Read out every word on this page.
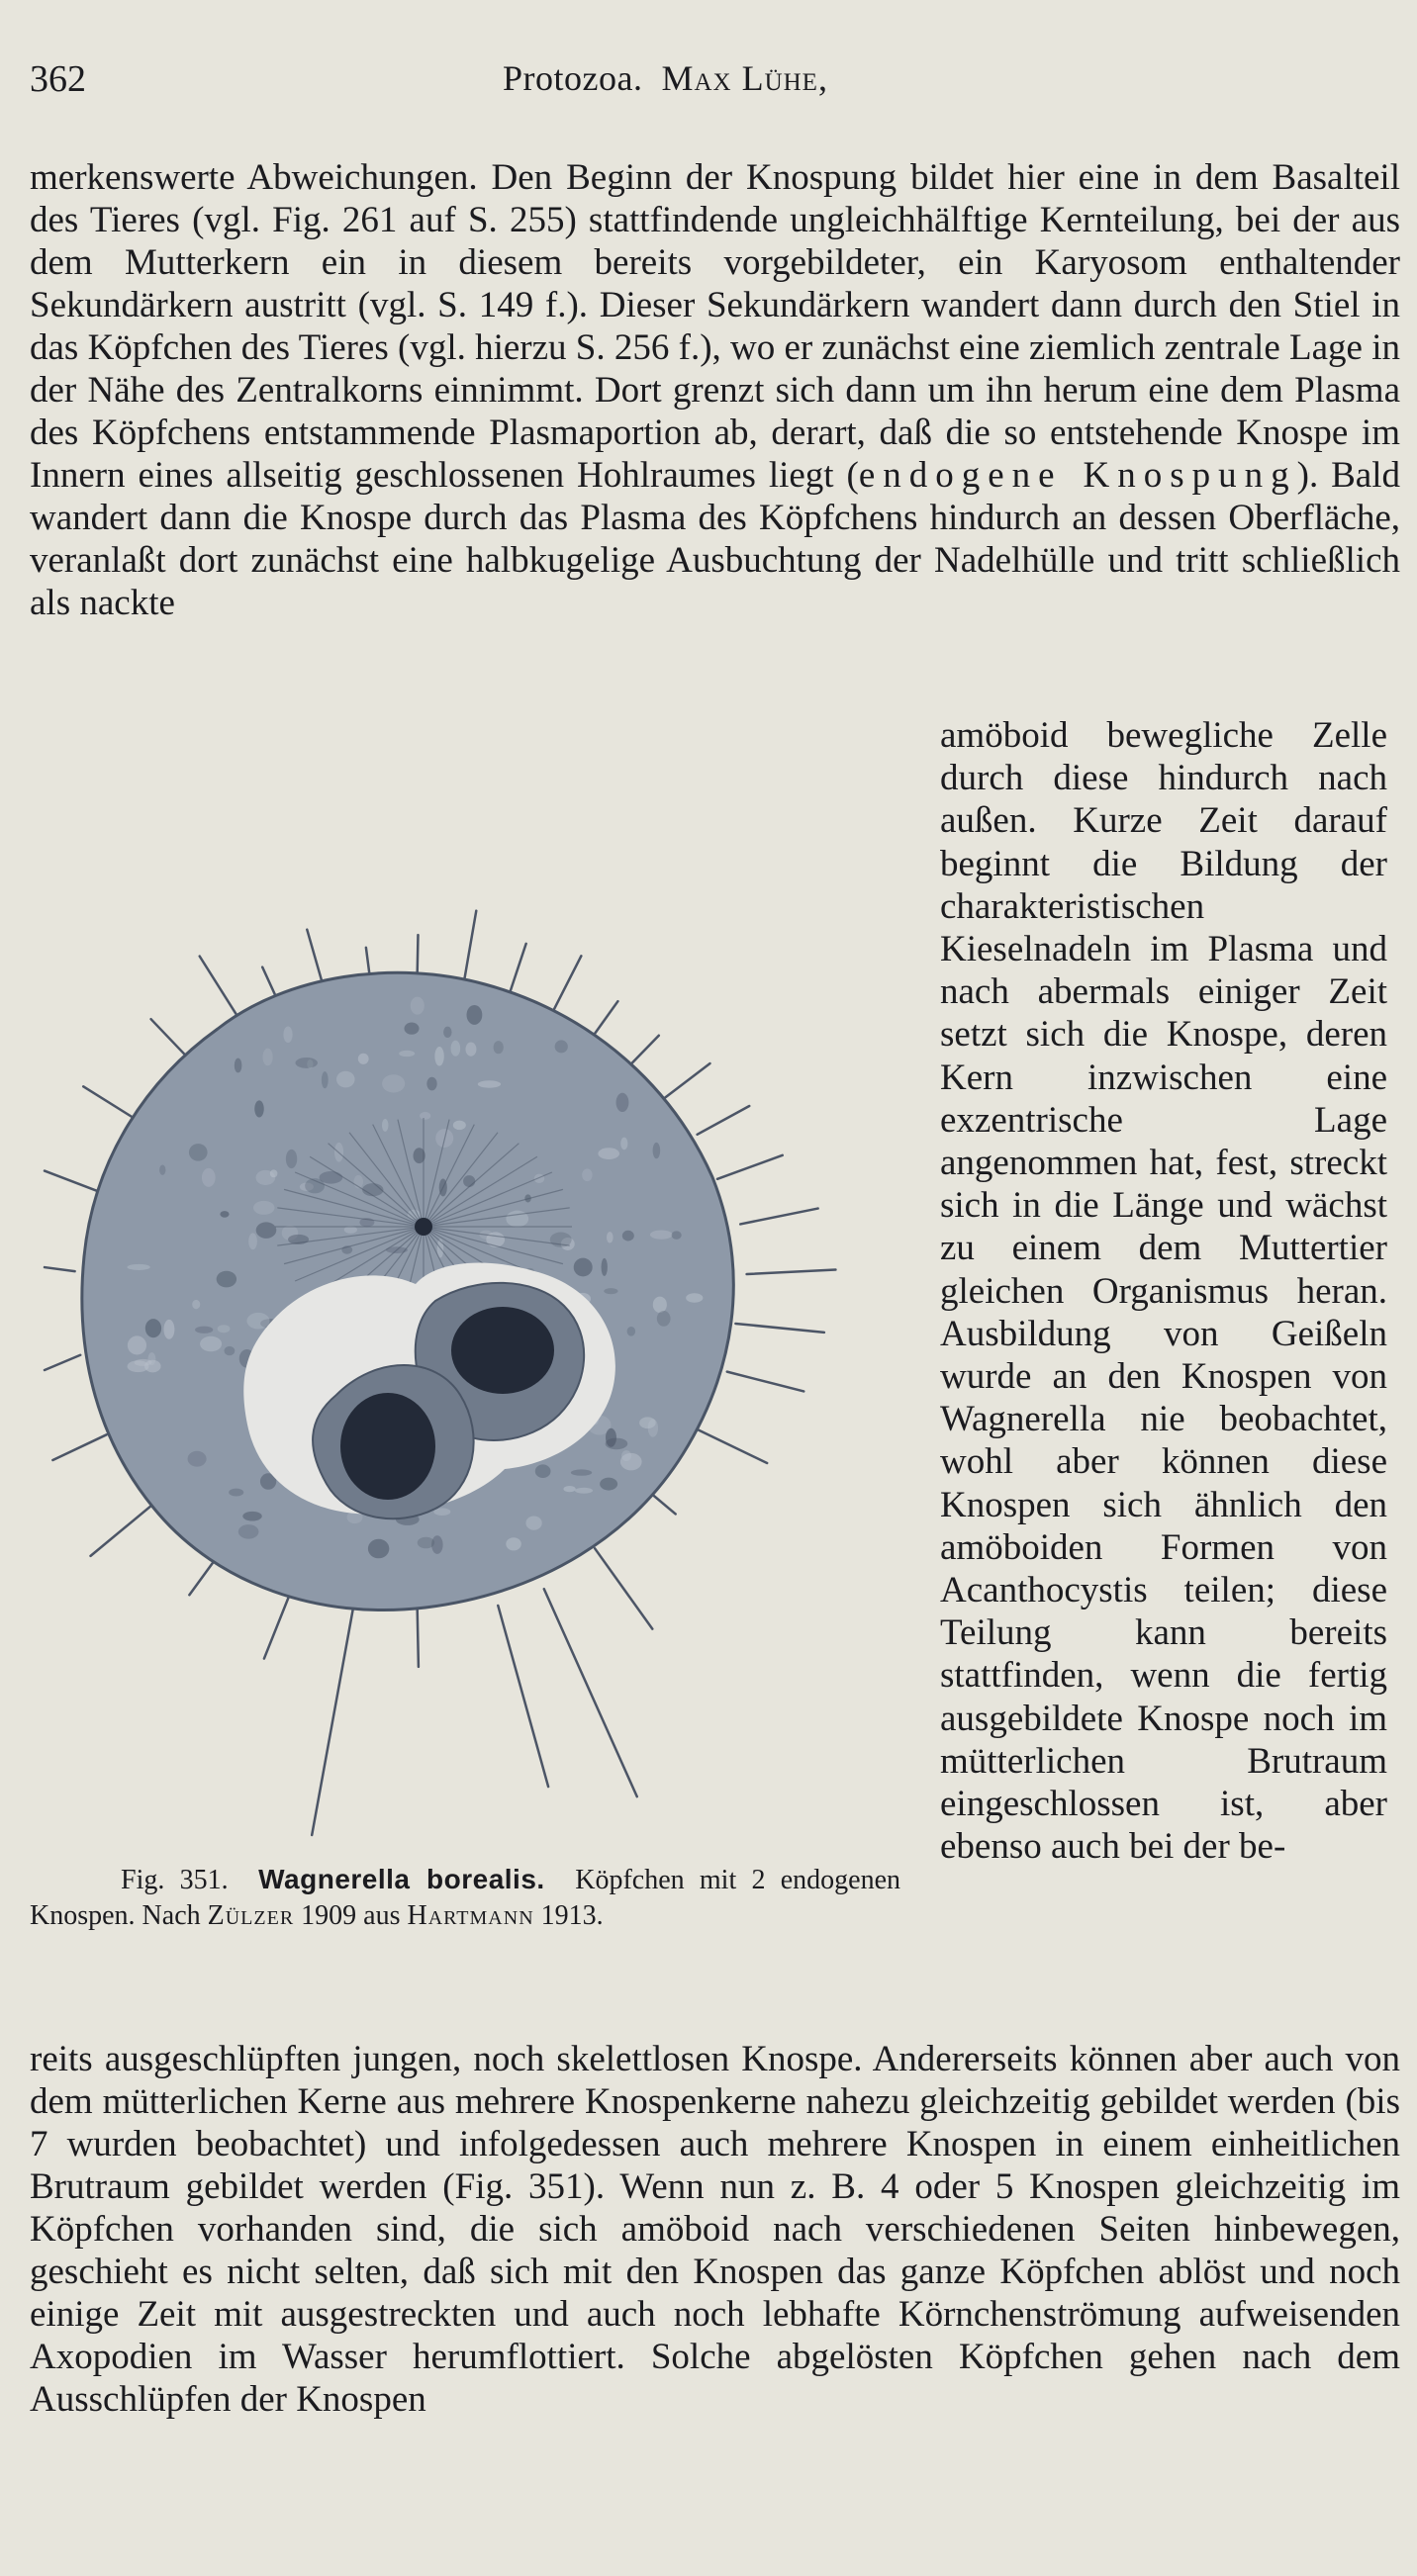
362	Protozoa. Max Lühe,

merkenswerte Abweichungen. Den Beginn der Knospung bildet hier eine in dem Basalteil des Tieres (vgl. Fig. 261 auf S. 255) stattfindende ungleichhälftige Kernteilung, bei der aus dem Mutterkern ein in diesem bereits vorgebildeter, ein Karyosom enthaltender Sekundärkern austritt (vgl. S. 149 f.). Dieser Sekundärkern wandert dann durch den Stiel in das Köpfchen des Tieres (vgl. hierzu S. 256 f.), wo er zunächst eine ziemlich zentrale Lage in der Nähe des Zentralkorns einnimmt. Dort grenzt sich dann um ihn herum eine dem Plasma des Köpfchens entstammende Plasmaportion ab, derart, daß die so entstehende Knospe im Innern eines allseitig geschlossenen Hohlraumes liegt (endogene Knospung). Bald wandert dann die Knospe durch das Plasma des Köpfchens hindurch an dessen Oberfläche, veranlaßt dort zunächst eine halbkugelige Ausbuchtung der Nadelhülle und tritt schließlich als nackte

Fig. 351. Wagnerella borealis. Köpfchen mit 2 endogenen Knospen. Nach Zülzer 1909 aus Hartmann 1913.

amöboid bewegliche Zelle durch diese hindurch nach außen. Kurze Zeit darauf beginnt die Bildung der charakteristischen Kieselnadeln im Plasma und nach abermals einiger Zeit setzt sich die Knospe, deren Kern inzwischen eine exzentrische Lage angenommen hat, fest, streckt sich in die Länge und wächst zu einem dem Muttertier gleichen Organismus heran. Ausbildung von Geißeln wurde an den Knospen von Wagnerella nie beobachtet, wohl aber können diese Knospen sich ähnlich den amöboiden Formen von Acanthocystis teilen; diese Teilung kann bereits stattfinden, wenn die fertig ausgebildete Knospe noch im mütterlichen Brutraum eingeschlossen ist, aber ebenso auch bei der be-

reits ausgeschlüpften jungen, noch skelettlosen Knospe. Andererseits können aber auch von dem mütterlichen Kerne aus mehrere Knospenkerne nahezu gleichzeitig gebildet werden (bis 7 wurden beobachtet) und infolgedessen auch mehrere Knospen in einem einheitlichen Brutraum gebildet werden (Fig. 351). Wenn nun z. B. 4 oder 5 Knospen gleichzeitig im Köpfchen vorhanden sind, die sich amöboid nach verschiedenen Seiten hinbewegen, geschieht es nicht selten, daß sich mit den Knospen das ganze Köpfchen ablöst und noch einige Zeit mit ausgestreckten und auch noch lebhafte Körnchenströmung aufweisenden Axopodien im Wasser herumflottiert. Solche abgelösten Köpfchen gehen nach dem Ausschlüpfen der Knospen
